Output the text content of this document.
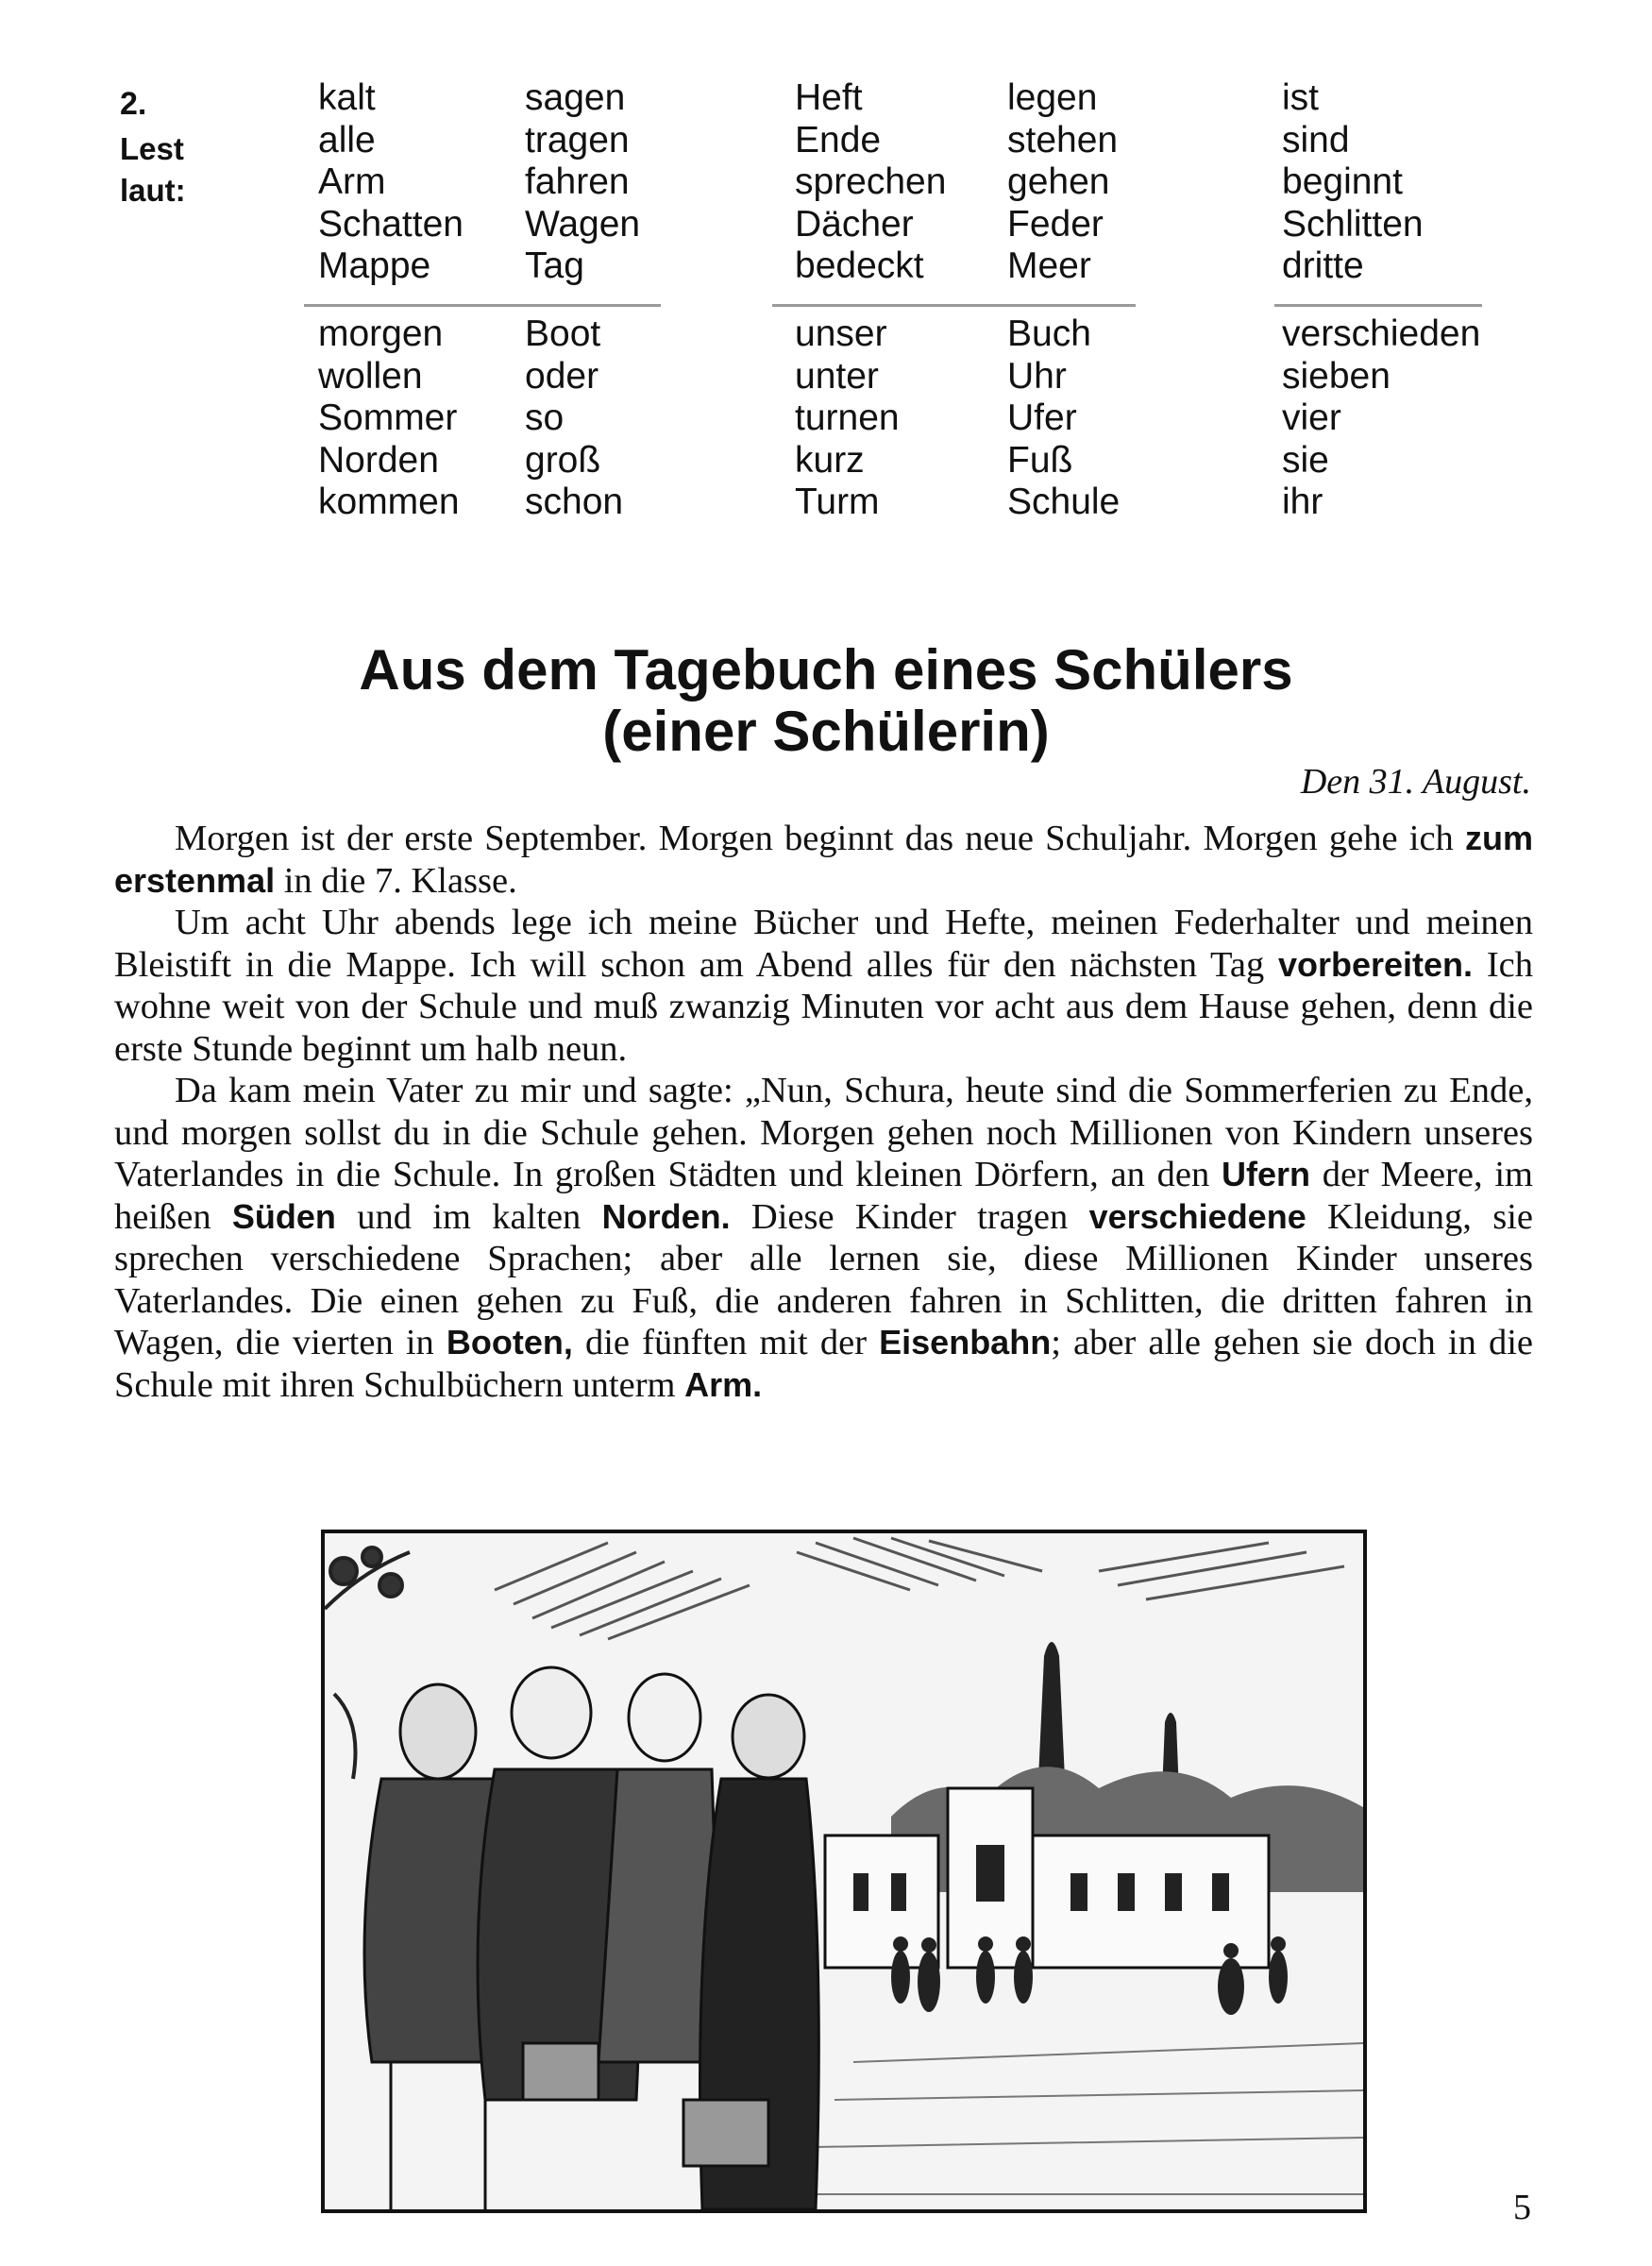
2.
Lest
laut:
kalt
alle
Arm
Schatten
Mappe
sagen
tragen
fahren
Wagen
Tag
Heft
Ende
sprechen
Dächer
bedeckt
legen
stehen
gehen
Feder
Meer
ist
sind
beginnt
Schlitten
dritte
morgen
wollen
Sommer
Norden
kommen
Boot
oder
so
groß
schon
unser
unter
turnen
kurz
Turm
Buch
Uhr
Ufer
Fuß
Schule
verschieden
sieben
vier
sie
ihr
Aus dem Tagebuch eines Schülers
(einer Schülerin)
Den 31. August.

Morgen ist der erste September. Morgen beginnt das neue Schuljahr. Morgen gehe ich zum erstenmal in die 7. Klasse.

Um acht Uhr abends lege ich meine Bücher und Hefte, meinen Federhalter und meinen Bleistift in die Mappe. Ich will schon am Abend alles für den nächsten Tag vorbereiten. Ich wohne weit von der Schule und muß zwanzig Minuten vor acht aus dem Hause gehen, denn die erste Stunde beginnt um halb neun.

Da kam mein Vater zu mir und sagte: „Nun, Schura, heute sind die Sommerferien zu Ende, und morgen sollst du in die Schule gehen. Morgen gehen noch Millionen von Kindern unseres Vaterlandes in die Schule. In großen Städten und kleinen Dörfern, an den Ufern der Meere, im heißen Süden und im kalten Norden. Diese Kinder tragen verschiedene Kleidung, sie sprechen verschiedene Sprachen; aber alle lernen sie, diese Millionen Kinder unseres Vaterlandes. Die einen gehen zu Fuß, die anderen fahren in Schlitten, die dritten fahren in Wagen, die vierten in Booten, die fünften mit der Eisenbahn; aber alle gehen sie doch in die Schule mit ihren Schulbüchern unterm Arm.

5
